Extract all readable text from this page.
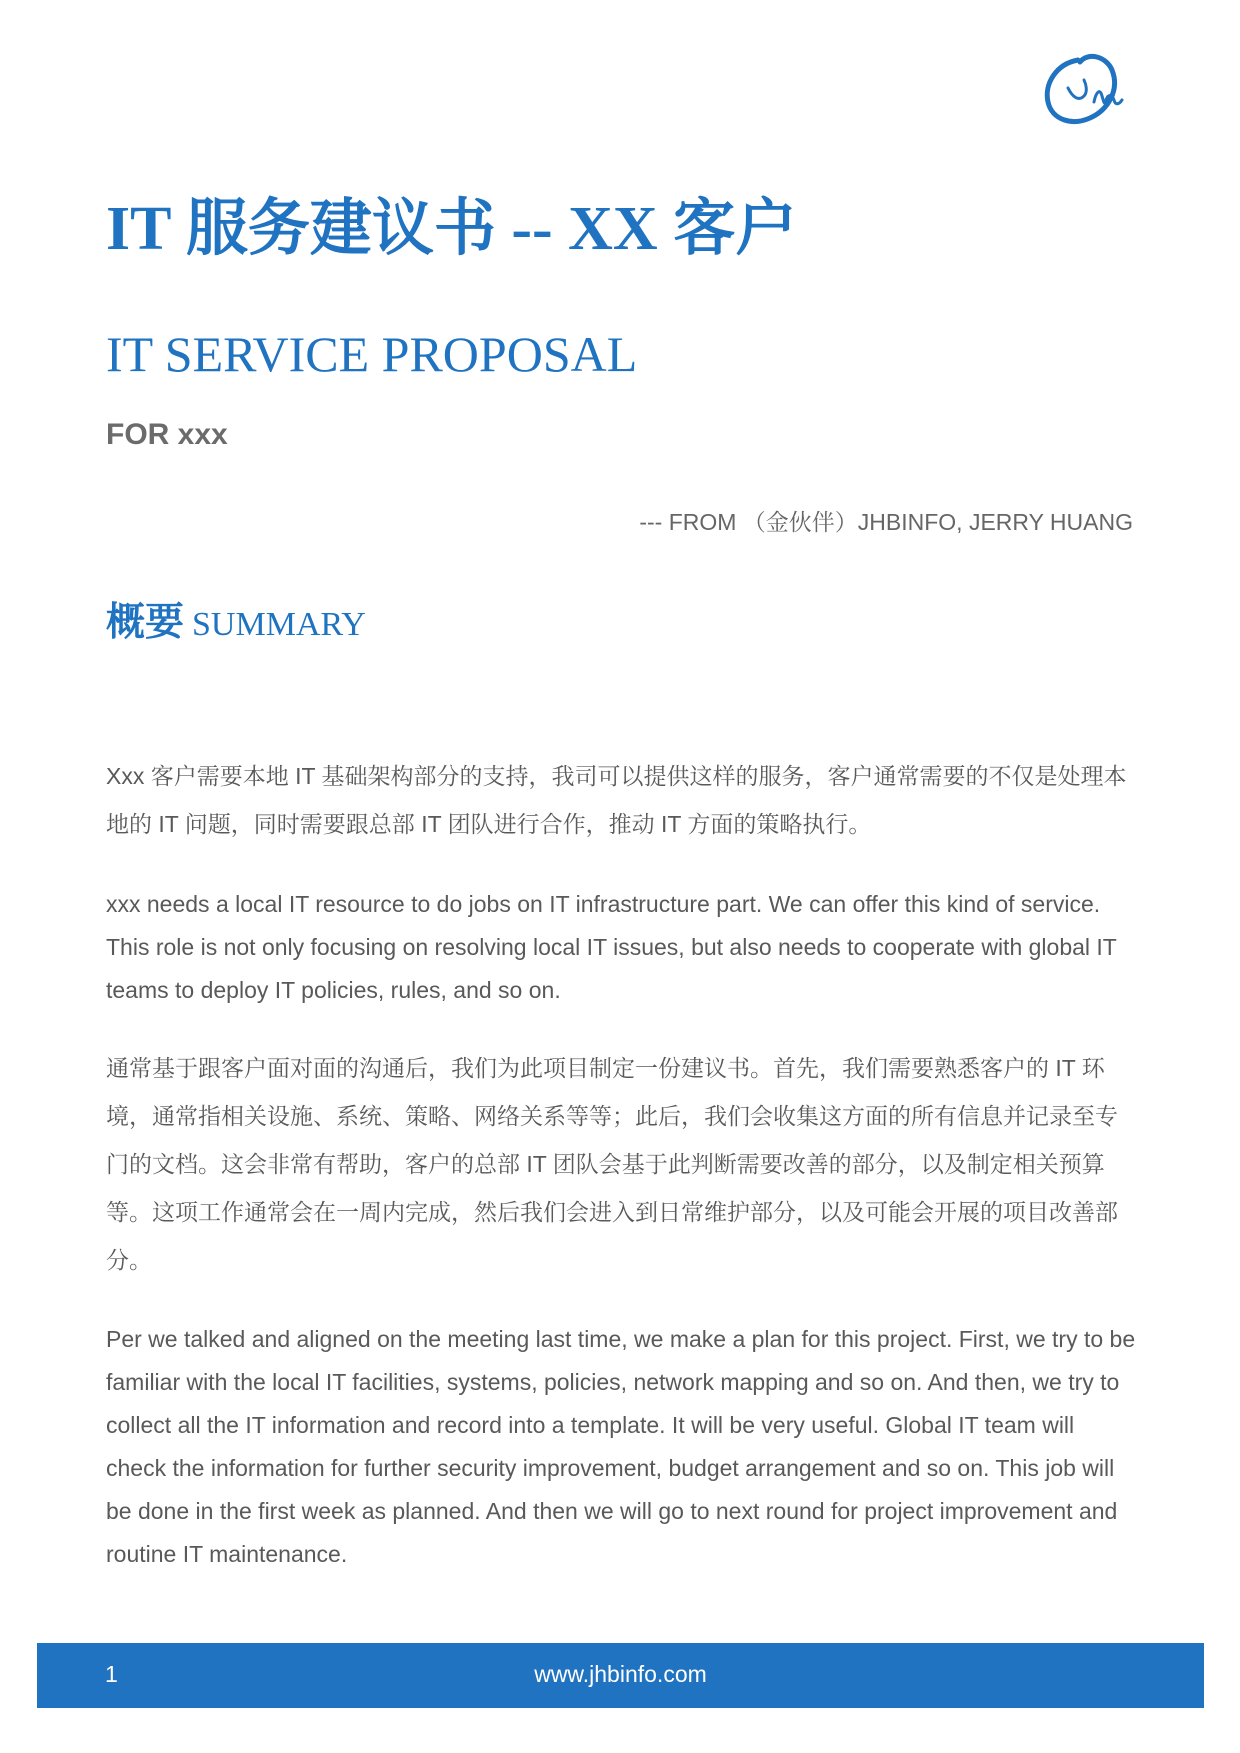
IT 服务建议书 -- XX 客户
IT SERVICE PROPOSAL
FOR xxx
--- FROM （金伙伴）JHBINFO, JERRY HUANG
概要 SUMMARY

Xxx 客户需要本地 IT 基础架构部分的支持，我司可以提供这样的服务，客户通常需要的不仅是处理本地的 IT 问题，同时需要跟总部 IT 团队进行合作，推动 IT 方面的策略执行。

xxx needs a local IT resource to do jobs on IT infrastructure part. We can offer this kind of service. This role is not only focusing on resolving local IT issues, but also needs to cooperate with global IT teams to deploy IT policies, rules, and so on.

通常基于跟客户面对面的沟通后，我们为此项目制定一份建议书。首先，我们需要熟悉客户的 IT 环境，通常指相关设施、系统、策略、网络关系等等；此后，我们会收集这方面的所有信息并记录至专门的文档。这会非常有帮助，客户的总部 IT 团队会基于此判断需要改善的部分，以及制定相关预算等。这项工作通常会在一周内完成，然后我们会进入到日常维护部分，以及可能会开展的项目改善部分。

Per we talked and aligned on the meeting last time, we make a plan for this project. First, we try to be familiar with the local IT facilities, systems, policies, network mapping and so on. And then, we try to collect all the IT information and record into a template. It will be very useful. Global IT team will check the information for further security improvement, budget arrangement and so on. This job will be done in the first week as planned. And then we will go to next round for project improvement and routine IT maintenance.

1	www.jhbinfo.com
